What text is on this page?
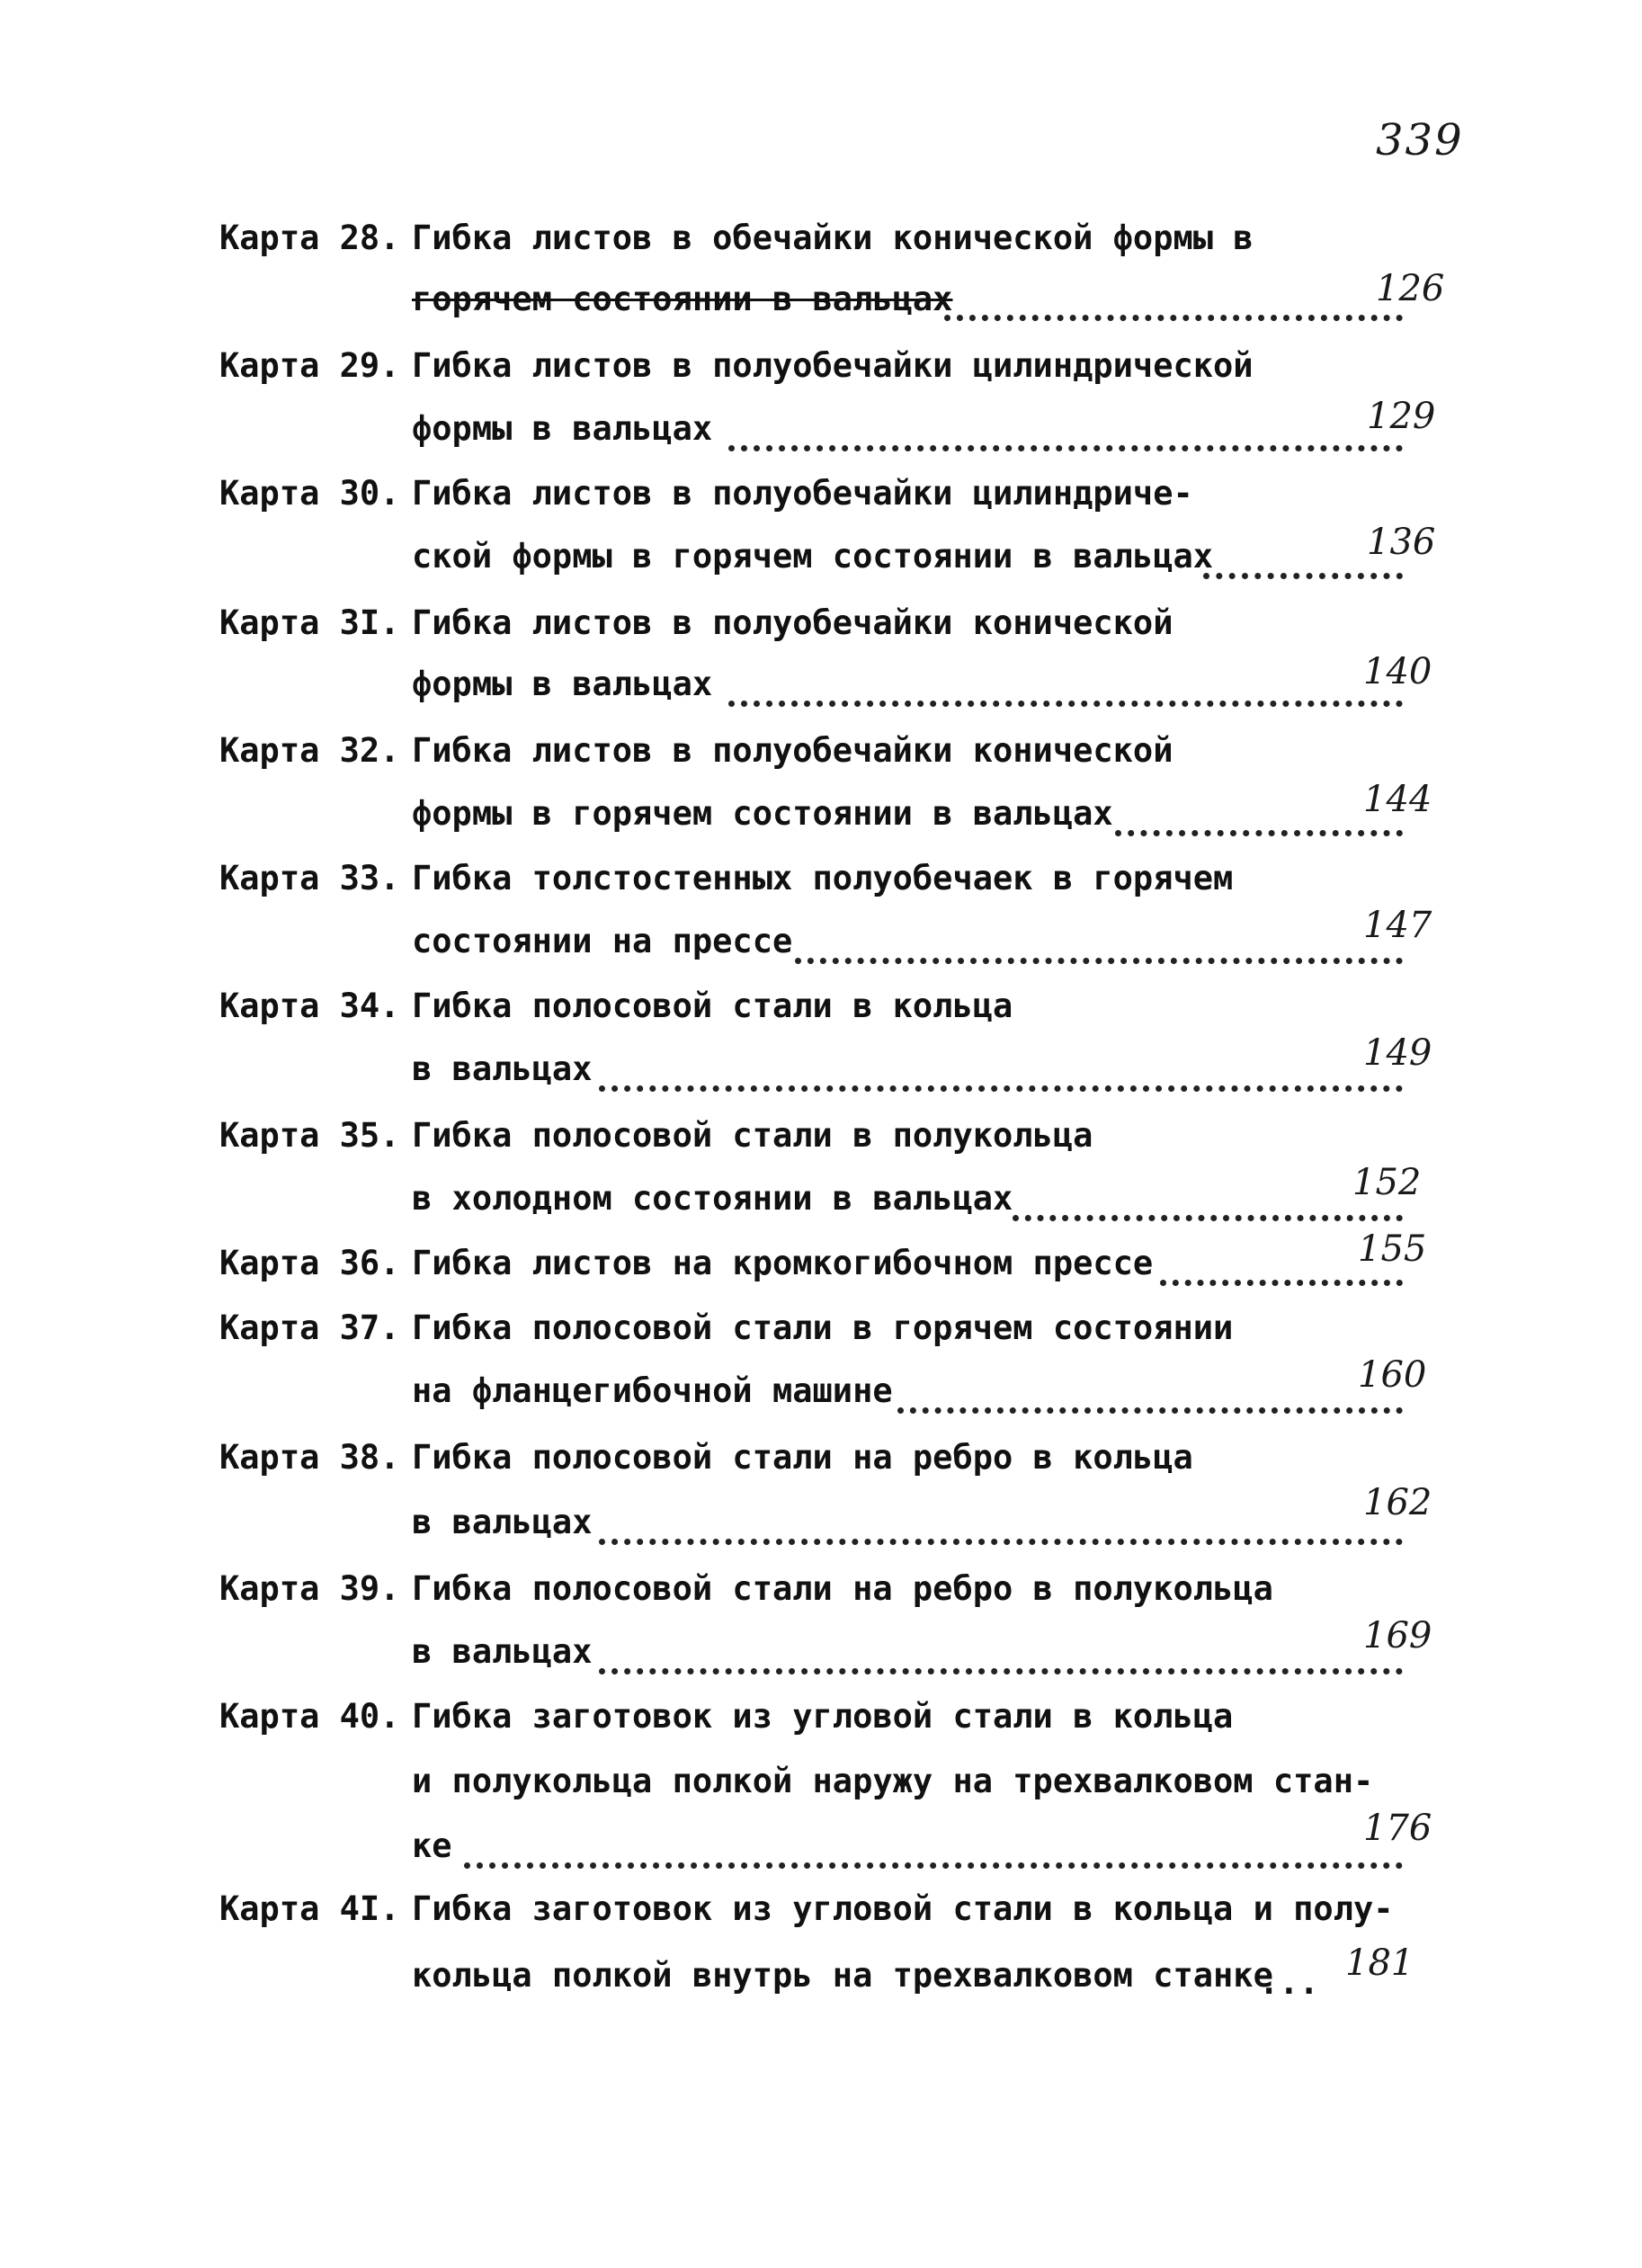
339
Карта 28. Гибка листов в обечайки конической формы в
горячем состоянии в вальцах	126
Карта 29. Гибка листов в полуобечайки цилиндрической
формы в вальцах	129
Карта 30. Гибка листов в полуобечайки цилиндриче-
ской формы в горячем состоянии в вальцах	136
Карта 3I. Гибка листов в полуобечайки конической
формы в вальцах	140
Карта 32. Гибка листов в полуобечайки конической
формы в горячем состоянии в вальцах	144
Карта 33. Гибка толстостенных полуобечаек в горячем
состоянии на прессе	147
Карта 34. Гибка полосовой стали в кольца
в вальцах	149
Карта 35. Гибка полосовой стали в полукольца
в холодном состоянии в вальцах	152
Карта 36. Гибка листов на кромкогибочном прессе	155
Карта 37. Гибка полосовой стали в горячем состоянии
на фланцегибочной машине	160
Карта 38. Гибка полосовой стали на ребро в кольца
в вальцах	162
Карта 39. Гибка полосовой стали на ребро в полукольца
в вальцах	169
Карта 40. Гибка заготовок из угловой стали в кольца
и полукольца полкой наружу на трехвалковом стан-
ке	176
Карта 4I. Гибка заготовок из угловой стали в кольца и полу-
кольца полкой внутрь на трехвалковом станке
... 181
